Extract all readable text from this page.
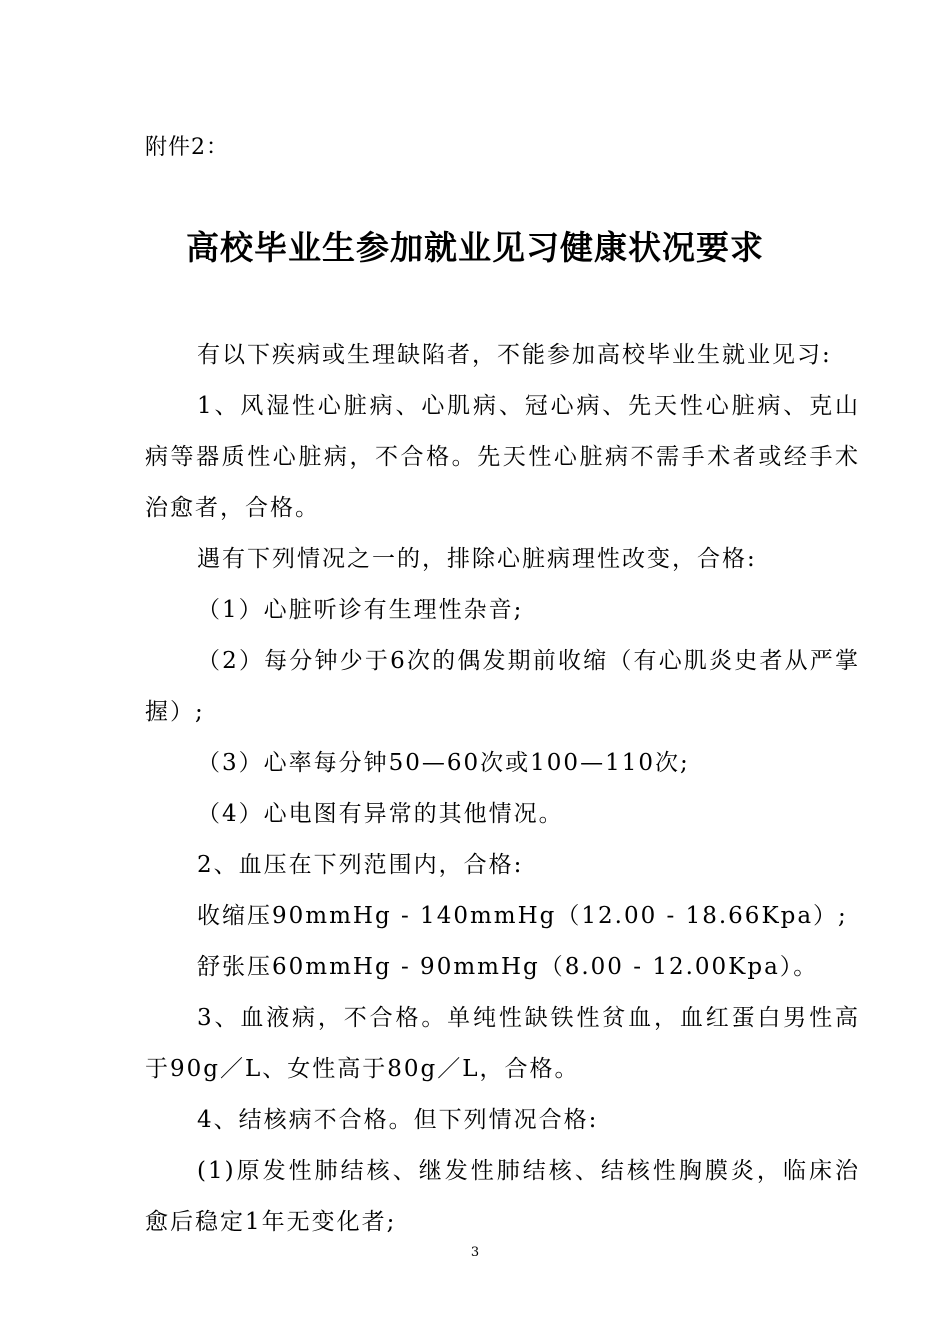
附件2：
高校毕业生参加就业见习健康状况要求

有以下疾病或生理缺陷者，不能参加高校毕业生就业见习:

1、风湿性心脏病、心肌病、冠心病、先天性心脏病、克山病等器质性心脏病，不合格。先天性心脏病不需手术者或经手术治愈者，合格。

遇有下列情况之一的，排除心脏病理性改变，合格:

（1）心脏听诊有生理性杂音;

（2）每分钟少于6次的偶发期前收缩（有心肌炎史者从严掌握）;

（3）心率每分钟50—60次或100—110次;

（4）心电图有异常的其他情况。

2、血压在下列范围内，合格:

收缩压90mmHg - 140mmHg（12.00 - 18.66Kpa）;

舒张压60mmHg - 90mmHg（8.00 - 12.00Kpa）。

3、血液病，不合格。单纯性缺铁性贫血，血红蛋白男性高于90g／L、女性高于80g／L，合格。

4、结核病不合格。但下列情况合格:

(1)原发性肺结核、继发性肺结核、结核性胸膜炎，临床治愈后稳定1年无变化者;

3
